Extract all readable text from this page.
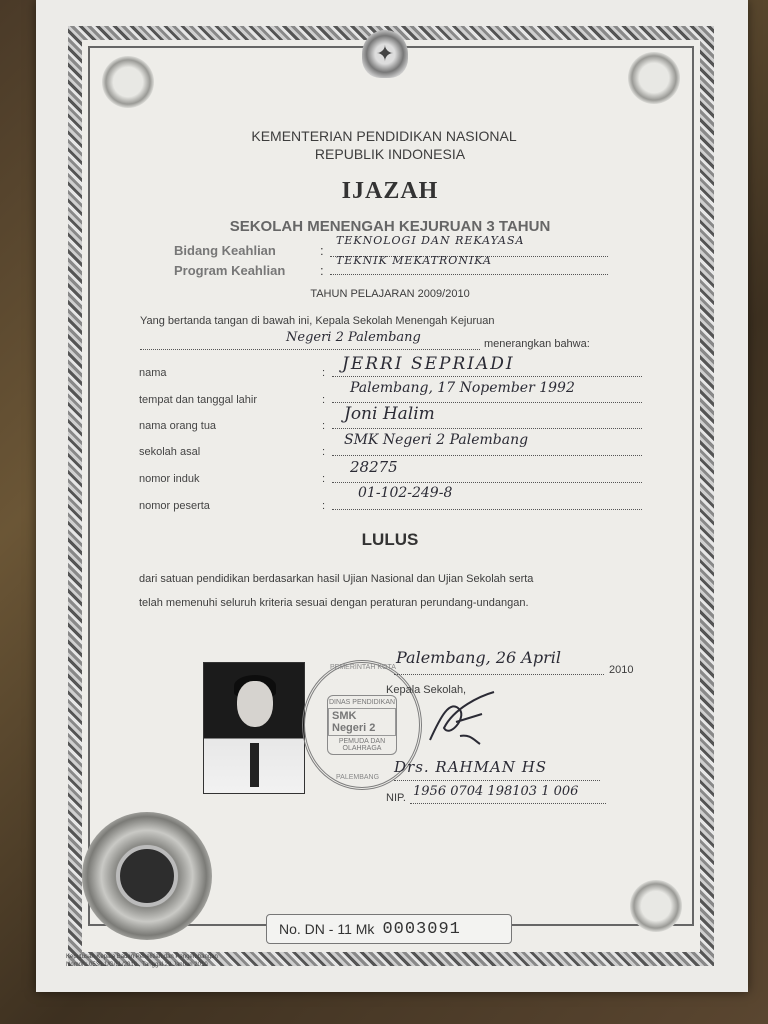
✦
KEMENTERIAN PENDIDIKAN NASIONAL
REPUBLIK INDONESIA
IJAZAH
SEKOLAH MENENGAH KEJURUAN 3 TAHUN
Bidang Keahlian	:
TEKNOLOGI DAN REKAYASA
Program Keahlian	:
TEKNIK MEKATRONIKA
TAHUN PELAJARAN 2009/2010
Yang bertanda tangan di bawah ini, Kepala Sekolah Menengah Kejuruan
Negeri 2 Palembang	menerangkan bahwa:
nama	: JERRI SEPRIADI
tempat dan tanggal lahir	:
Palembang, 17 Nopember 1992
nama orang tua	:
Joni Halim
sekolah asal	:
SMK Negeri 2 Palembang
nomor induk	:
28275
nomor peserta	:
01-102-249-8
LULUS
dari satuan pendidikan berdasarkan hasil Ujian Nasional dan Ujian Sekolah serta
telah memenuhi seluruh kriteria sesuai dengan peraturan perundang-undangan.
DINAS PENDIDIKAN
SMK Negeri 2
PEMUDA DAN OLAHRAGA
PEMERINTAH KOTA
PALEMBANG
Palembang, 26 April
2010
Kepala Sekolah,
Drs. RAHMAN HS
NIP. 1956 0704 198103 1 006
No. DN - 11 Mk 0003091
Keputusan Kepala Badan Penelitian dan Pengembangan
Nomor : 0536.1/G/LL/2010 , Tanggal 29 Januari 2010
